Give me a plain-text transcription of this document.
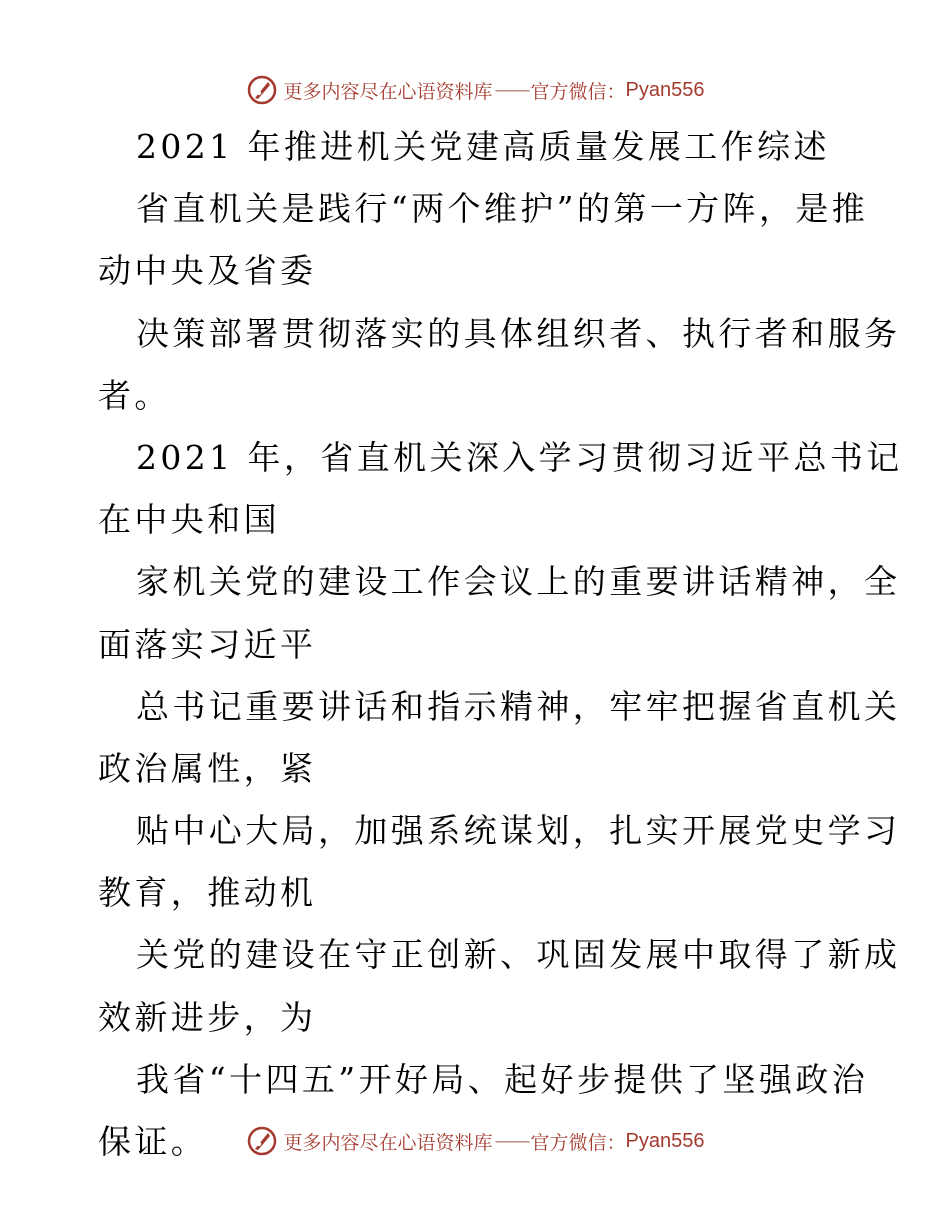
更多内容尽在心语资料库 —— 官方微信： Pyan556
2021 年推进机关党建高质量发展工作综述
省直机关是践行“两个维护”的第一方阵，是推
动中央及省委
决策部署贯彻落实的具体组织者、执行者和服务
者。
2021 年，省直机关深入学习贯彻习近平总书记
在中央和国
家机关党的建设工作会议上的重要讲话精神，全
面落实习近平
总书记重要讲话和指示精神，牢牢把握省直机关
政治属性，紧
贴中心大局，加强系统谋划，扎实开展党史学习
教育，推动机
关党的建设在守正创新、巩固发展中取得了新成
效新进步，为
我省“十四五”开好局、起好步提供了坚强政治
保证。	更多内容尽在心语资料库 —— 官方微信： Pyan556
